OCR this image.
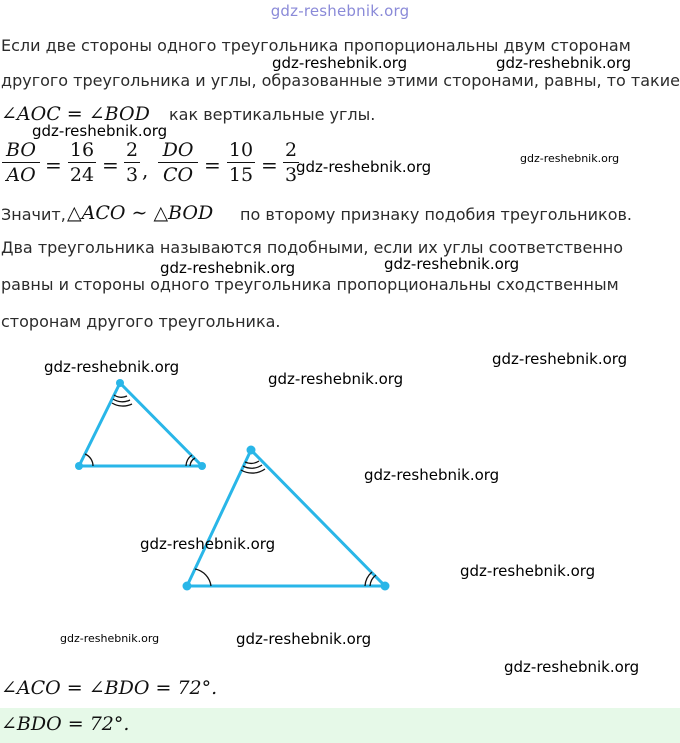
gdz-reshebnik.org
Если две стороны одного треугольника пропорциональны двум сторонам
другого треугольника и углы, образованные этими сторонами, равны, то такие
∠AOC = ∠BOD как вертикальные углы.
BO
AO =
16
24 =
2
3 ,
DO
CO =
10
15 =
2
3
Значит, △ACO ∼ △BOD по второму признаку подобия треугольников.
Два треугольника называются подобными, если их углы соответственно
равны и стороны одного треугольника пропорциональны сходственным
сторонам другого треугольника.
∠ACO = ∠BDO = 72°.
∠BDO = 72°.
gdz-reshebnik.org	gdz-reshebnik.org
gdz-reshebnik.org
gdz-reshebnik.org	gdz-reshebnik.org
gdz-reshebnik.org	gdz-reshebnik.org
gdz-reshebnik.org
gdz-reshebnik.org
gdz-reshebnik.org
gdz-reshebnik.org
gdz-reshebnik.org
gdz-reshebnik.org
gdz-reshebnik.org	gdz-reshebnik.org
gdz-reshebnik.org
